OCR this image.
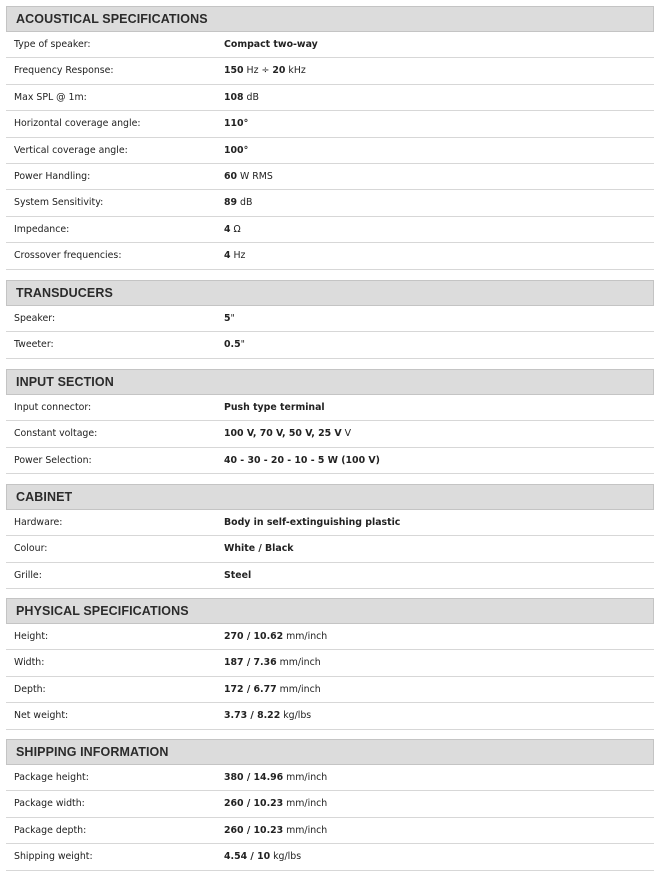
ACOUSTICAL SPECIFICATIONS
Type of speaker:	Compact two-way
Frequency Response:	150 Hz ÷ 20 kHz
Max SPL @ 1m:	108 dB
Horizontal coverage angle:	110°
Vertical coverage angle:	100°
Power Handling:	60 W RMS
System Sensitivity:	89 dB
Impedance:	4 Ω
Crossover frequencies:	4 Hz
TRANSDUCERS
Speaker:	5"
Tweeter:	0.5"
INPUT SECTION
Input connector:	Push type terminal
Constant voltage:	100 V, 70 V, 50 V, 25 V V
Power Selection:	40 - 30 - 20 - 10 - 5 W (100 V)
CABINET
Hardware:	Body in self-extinguishing plastic
Colour:	White / Black
Grille:	Steel
PHYSICAL SPECIFICATIONS
Height:	270 / 10.62 mm/inch
Width:	187 / 7.36 mm/inch
Depth:	172 / 6.77 mm/inch
Net weight:	3.73 / 8.22 kg/lbs
SHIPPING INFORMATION
Package height:	380 / 14.96 mm/inch
Package width:	260 / 10.23 mm/inch
Package depth:	260 / 10.23 mm/inch
Shipping weight:	4.54 / 10 kg/lbs
